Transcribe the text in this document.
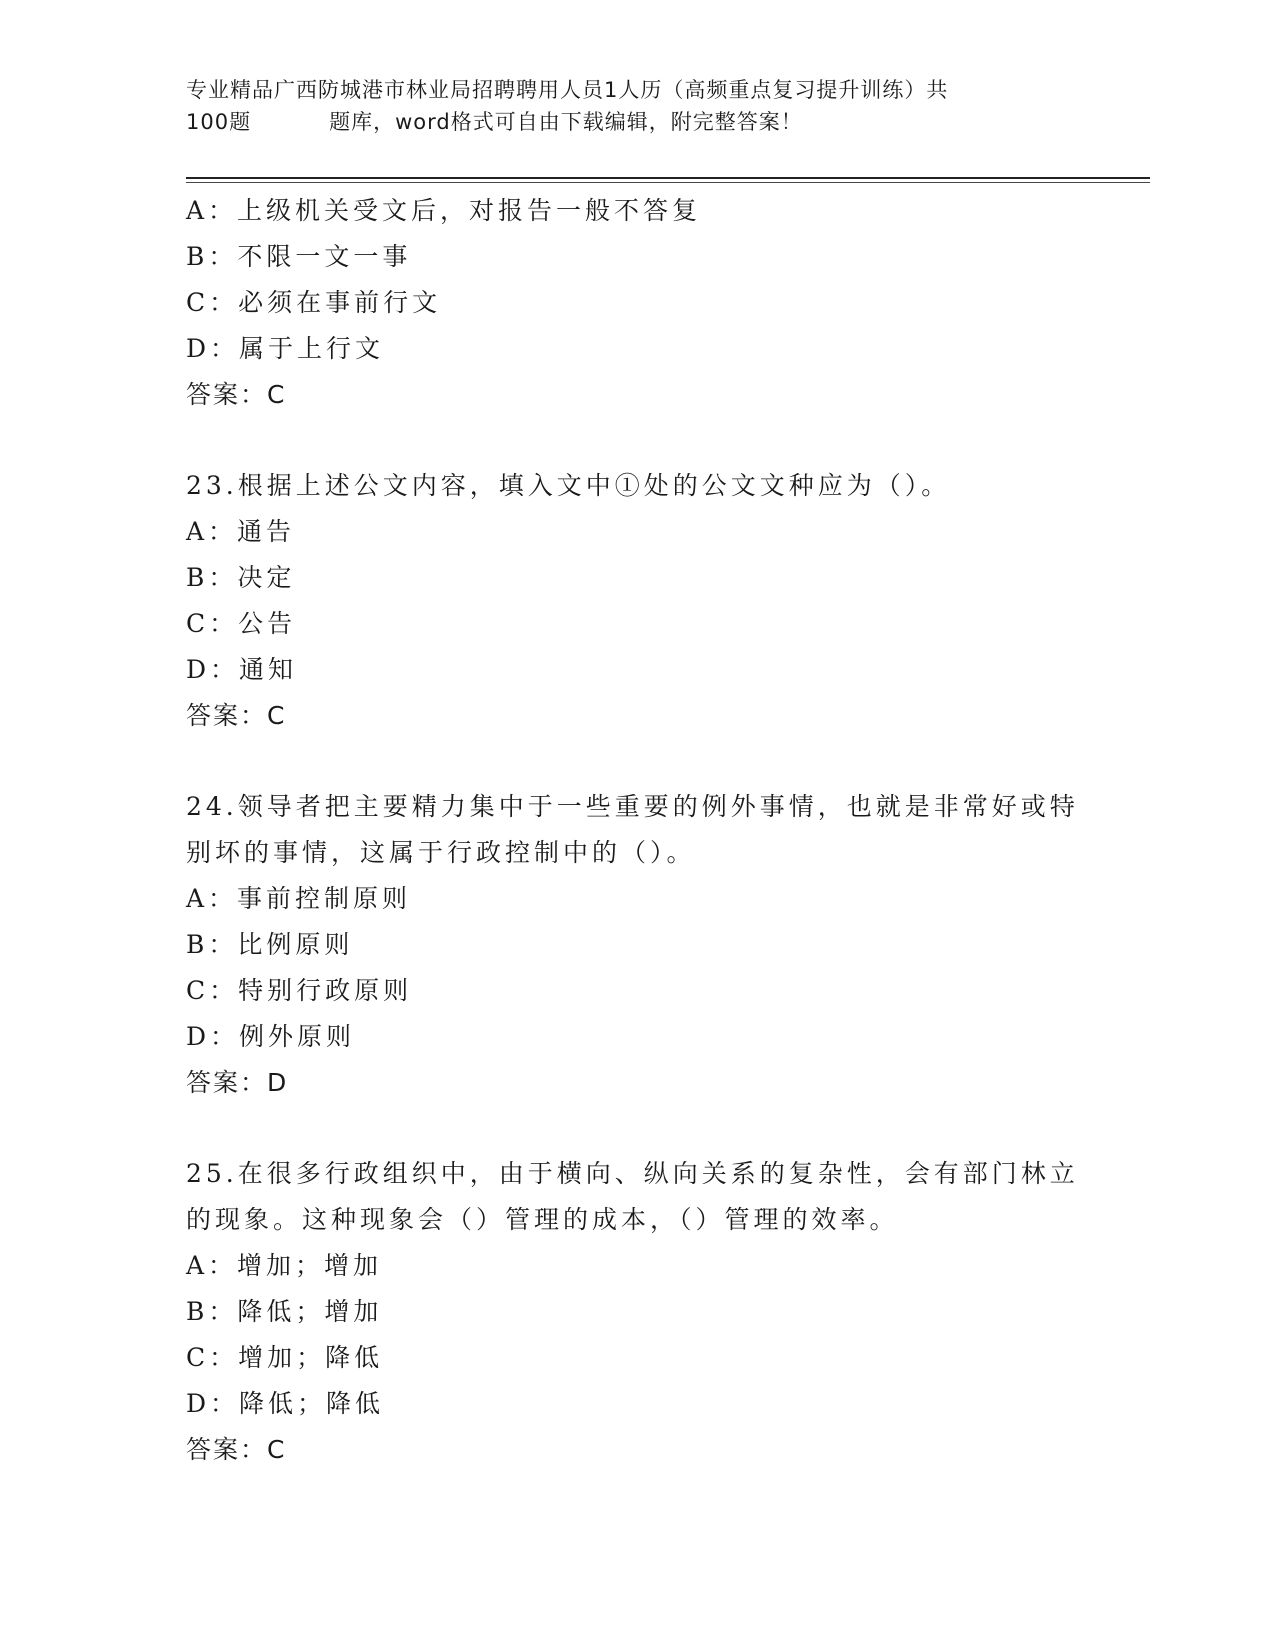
专业精品广西防城港市林业局招聘聘用人员1人历（高频重点复习提升训练）共
100题	题库，word格式可自由下载编辑，附完整答案！
A：上级机关受文后，对报告一般不答复
B：不限一文一事
C：必须在事前行文
D：属于上行文
答案：C
23.根据上述公文内容，填入文中①处的公文文种应为（）。
A：通告
B：决定
C：公告
D：通知
答案：C
24.领导者把主要精力集中于一些重要的例外事情，也就是非常好或特
别坏的事情，这属于行政控制中的（）。
A：事前控制原则
B：比例原则
C：特别行政原则
D：例外原则
答案：D
25.在很多行政组织中，由于横向、纵向关系的复杂性，会有部门林立
的现象。这种现象会（）管理的成本，（）管理的效率。
A：增加；增加
B：降低；增加
C：增加；降低
D：降低；降低
答案：C
